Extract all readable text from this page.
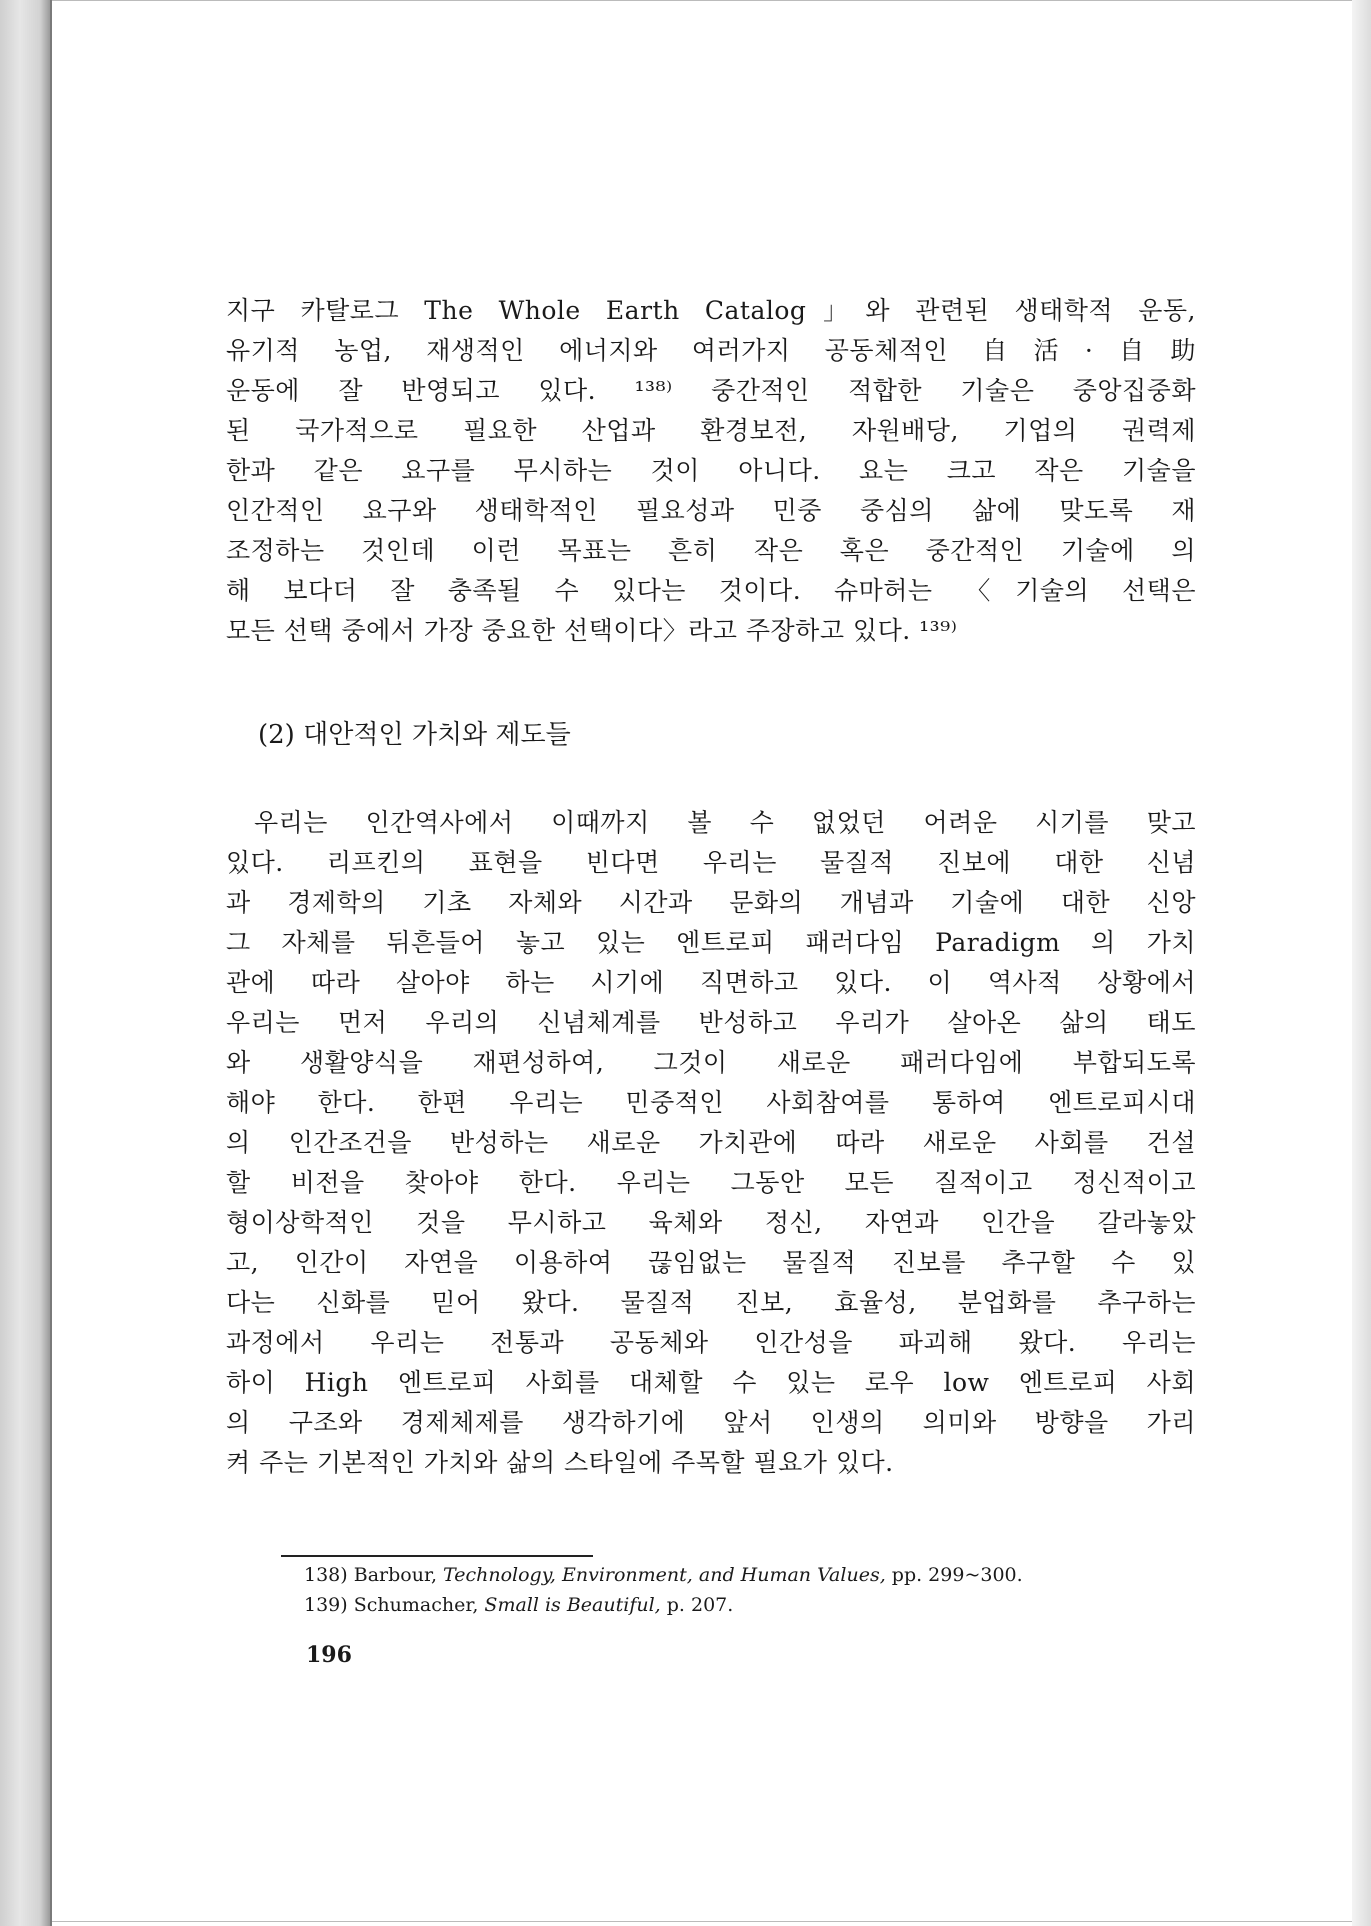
지구 카탈로그 The Whole Earth Catalog」와 관련된 생태학적 운동,
유기적 농업, 재생적인 에너지와 여러가지 공동체적인 自活·自助
운동에 잘 반영되고 있다. ¹³⁸⁾ 중간적인 적합한 기술은 중앙집중화
된 국가적으로 필요한 산업과 환경보전, 자원배당, 기업의 권력제
한과 같은 요구를 무시하는 것이 아니다. 요는 크고 작은 기술을
인간적인 요구와 생태학적인 필요성과 민중 중심의 삶에 맞도록 재
조정하는 것인데 이런 목표는 흔히 작은 혹은 중간적인 기술에 의
해 보다더 잘 충족될 수 있다는 것이다. 슈마허는 〈기술의 선택은
모든 선택 중에서 가장 중요한 선택이다〉라고 주장하고 있다. ¹³⁹⁾
(2) 대안적인 가치와 제도들
우리는 인간역사에서 이때까지 볼 수 없었던 어려운 시기를 맞고
있다. 리프킨의 표현을 빈다면 우리는 물질적 진보에 대한 신념
과 경제학의 기초 자체와 시간과 문화의 개념과 기술에 대한 신앙
그 자체를 뒤흔들어 놓고 있는 엔트로피 패러다임 Paradigm 의 가치
관에 따라 살아야 하는 시기에 직면하고 있다. 이 역사적 상황에서
우리는 먼저 우리의 신념체계를 반성하고 우리가 살아온 삶의 태도
와 생활양식을 재편성하여, 그것이 새로운 패러다임에 부합되도록
해야 한다. 한편 우리는 민중적인 사회참여를 통하여 엔트로피시대
의 인간조건을 반성하는 새로운 가치관에 따라 새로운 사회를 건설
할 비전을 찾아야 한다. 우리는 그동안 모든 질적이고 정신적이고
형이상학적인 것을 무시하고 육체와 정신, 자연과 인간을 갈라놓았
고, 인간이 자연을 이용하여 끊임없는 물질적 진보를 추구할 수 있
다는 신화를 믿어 왔다. 물질적 진보, 효율성, 분업화를 추구하는
과정에서 우리는 전통과 공동체와 인간성을 파괴해 왔다. 우리는
하이 High 엔트로피 사회를 대체할 수 있는 로우 low 엔트로피 사회
의 구조와 경제체제를 생각하기에 앞서 인생의 의미와 방향을 가리
켜 주는 기본적인 가치와 삶의 스타일에 주목할 필요가 있다.
138) Barbour, Technology, Environment, and Human Values, pp. 299~300.
139) Schumacher, Small is Beautiful, p. 207.
196
